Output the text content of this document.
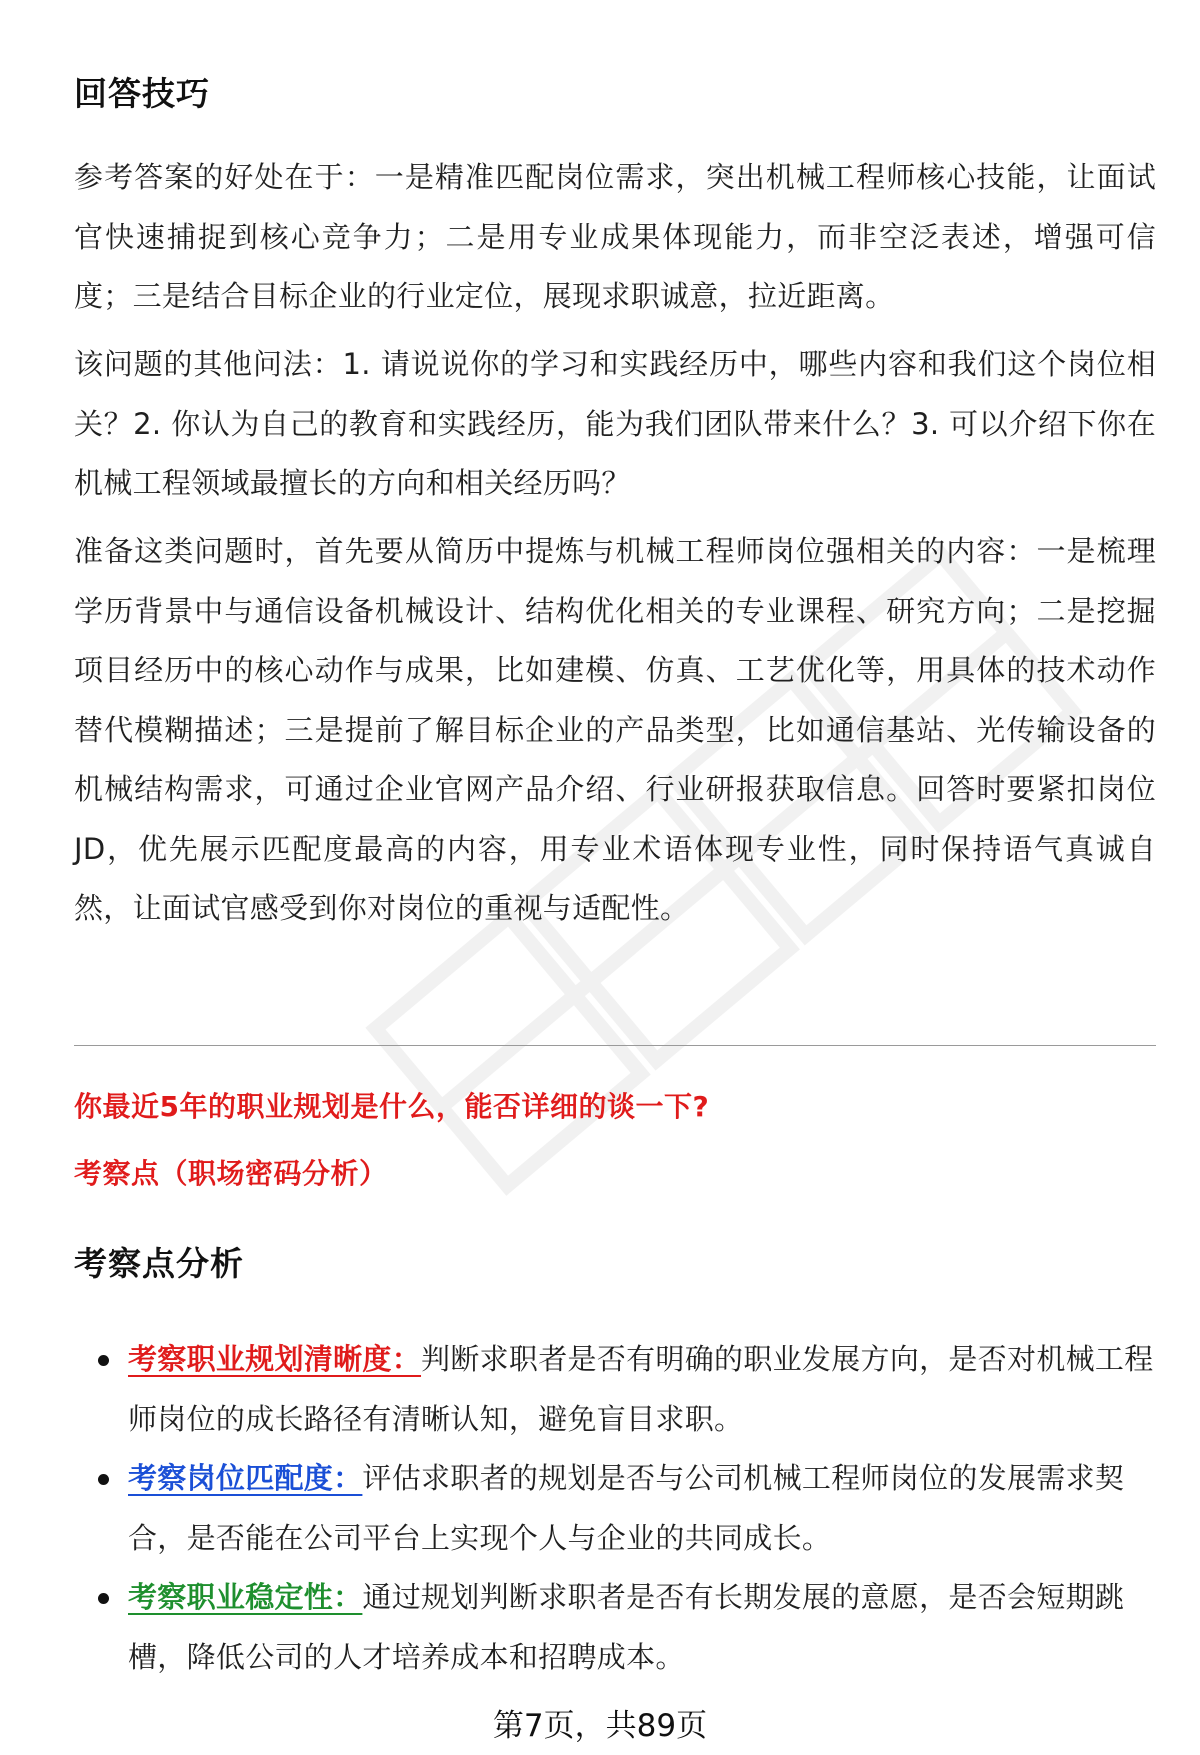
回答技巧

参考答案的好处在于：一是精准匹配岗位需求，突出机械工程师核心技能，让面试官快速捕捉到核心竞争力；二是用专业成果体现能力，而非空泛表述，增强可信度；三是结合目标企业的行业定位，展现求职诚意，拉近距离。

该问题的其他问法：1. 请说说你的学习和实践经历中，哪些内容和我们这个岗位相关？2. 你认为自己的教育和实践经历，能为我们团队带来什么？3. 可以介绍下你在机械工程领域最擅长的方向和相关经历吗？

准备这类问题时，首先要从简历中提炼与机械工程师岗位强相关的内容：一是梳理学历背景中与通信设备机械设计、结构优化相关的专业课程、研究方向；二是挖掘项目经历中的核心动作与成果，比如建模、仿真、工艺优化等，用具体的技术动作替代模糊描述；三是提前了解目标企业的产品类型，比如通信基站、光传输设备的机械结构需求，可通过企业官网产品介绍、行业研报获取信息。回答时要紧扣岗位JD，优先展示匹配度最高的内容，用专业术语体现专业性，同时保持语气真诚自然，让面试官感受到你对岗位的重视与适配性。

你最近5年的职业规划是什么，能否详细的谈一下?
考察点（职场密码分析）
考察点分析
考察职业规划清晰度：判断求职者是否有明确的职业发展方向，是否对机械工程师岗位的成长路径有清晰认知，避免盲目求职。
考察岗位匹配度：评估求职者的规划是否与公司机械工程师岗位的发展需求契合，是否能在公司平台上实现个人与企业的共同成长。
考察职业稳定性：通过规划判断求职者是否有长期发展的意愿，是否会短期跳槽，降低公司的人才培养成本和招聘成本。
第7页，共89页
